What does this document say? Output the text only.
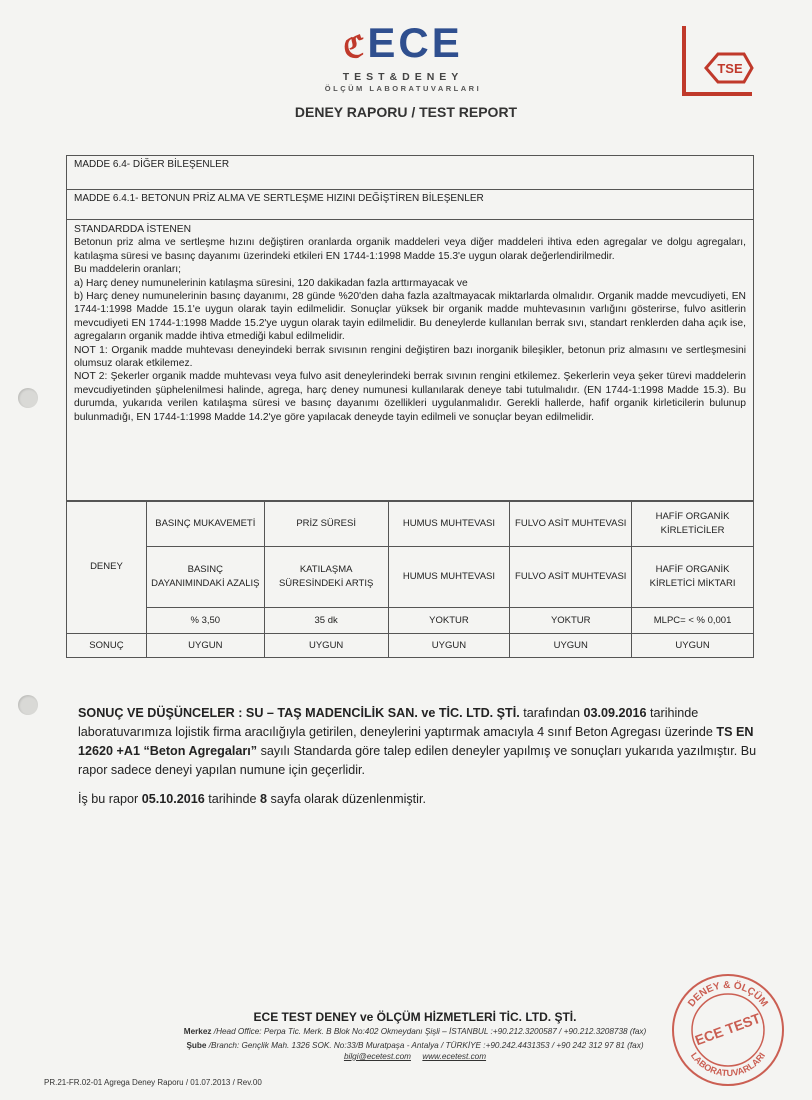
ℭECE
TEST&DENEY
ÖLÇÜM LABORATUVARLARI
TSE
DENEY RAPORU / TEST REPORT
MADDE 6.4- DİĞER BİLEŞENLER
MADDE 6.4.1- BETONUN PRİZ ALMA VE SERTLEŞME HIZINI DEĞİŞTİREN BİLEŞENLER

STANDARDDA İSTENEN
Betonun priz alma ve sertleşme hızını değiştiren oranlarda organik maddeleri veya diğer maddeleri ihtiva eden agregalar ve dolgu agregaları, katılaşma süresi ve basınç dayanımı üzerindeki etkileri EN 1744-1:1998 Madde 15.3'e uygun olarak değerlendirilmedir.
Bu maddelerin oranları;
a) Harç deney numunelerinin katılaşma süresini, 120 dakikadan fazla arttırmayacak ve
b) Harç deney numunelerinin basınç dayanımı, 28 günde %20'den daha fazla azaltmayacak miktarlarda olmalıdır. Organik madde mevcudiyeti, EN 1744-1:1998 Madde 15.1'e uygun olarak tayin edilmelidir. Sonuçlar yüksek bir organik madde muhtevasının varlığını gösterirse, fulvo asitlerin mevcudiyeti EN 1744-1:1998 Madde 15.2'ye uygun olarak tayin edilmelidir. Bu deneylerde kullanılan berrak sıvı, standart renklerden daha açık ise, agregaların organik madde ihtiva etmediği kabul edilmelidir.
NOT 1: Organik madde muhtevası deneyindeki berrak sıvısının rengini değiştiren bazı inorganik bileşikler, betonun priz almasını ve sertleşmesini olumsuz olarak etkilemez.
NOT 2: Şekerler organik madde muhtevası veya fulvo asit deneylerindeki berrak sıvının rengini etkilemez. Şekerlerin veya şeker türevi maddelerin mevcudiyetinden şüphelenilmesi halinde, agrega, harç deney numunesi kullanılarak deneye tabi tutulmalıdır. (EN 1744-1:1998 Madde 15.3). Bu durumda, yukarıda verilen katılaşma süresi ve basınç dayanımı özellikleri uygulanmalıdır. Gerekli hallerde, hafif organik kirleticilerin bulunup bulunmadığı, EN 1744-1:1998 Madde 14.2'ye göre yapılacak deneyde tayin edilmeli ve sonuçlar beyan edilmelidir.
DENEY	BASINÇ MUKAVEMETİ	PRİZ SÜRESİ	HUMUS MUHTEVASI	FULVO ASİT MUHTEVASI	HAFİF ORGANİK KİRLETİCİLER
	BASINÇ DAYANIMINDAKİ AZALIŞ	KATILAŞMA SÜRESİNDEKİ ARTIŞ	HUMUS MUHTEVASI	FULVO ASİT MUHTEVASI	HAFİF ORGANİK KİRLETİCİ MİKTARI
	% 3,50	35 dk	YOKTUR	YOKTUR	MLPC= < % 0,001
SONUÇ	UYGUN	UYGUN	UYGUN	UYGUN	UYGUN
SONUÇ VE DÜŞÜNCELER : SU – TAŞ MADENCİLİK SAN. ve TİC. LTD. ŞTİ. tarafından 03.09.2016 tarihinde laboratuvarımıza lojistik firma aracılığıyla getirilen, deneylerini yaptırmak amacıyla 4 sınıf Beton Agregası üzerinde TS EN 12620 +A1 “Beton Agregaları” sayılı Standarda göre talep edilen deneyler yapılmış ve sonuçları yukarıda yazılmıştır. Bu rapor sadece deneyi yapılan numune için geçerlidir.
İş bu rapor 05.10.2016 tarihinde 8 sayfa olarak düzenlenmiştir.
ECE TEST DENEY ve ÖLÇÜM HİZMETLERİ TİC. LTD. ŞTİ.
Merkez /Head Office: Perpa Tic. Merk. B Blok No:402 Okmeydanı Şişli – İSTANBUL :+90.212.3200587 / +90.212.3208738 (fax)
Şube /Branch: Gençlik Mah. 1326 SOK. No:33/B Muratpaşa - Antalya / TÜRKİYE :+90.242.4431353 / +90 242 312 97 81 (fax)
bilgi@ecetest.com www.ecetest.com
PR.21-FR.02-01 Agrega Deney Raporu / 01.07.2013 / Rev.00
DENEY & ÖLÇÜM
LABORATUVARLARI
ECE TEST
